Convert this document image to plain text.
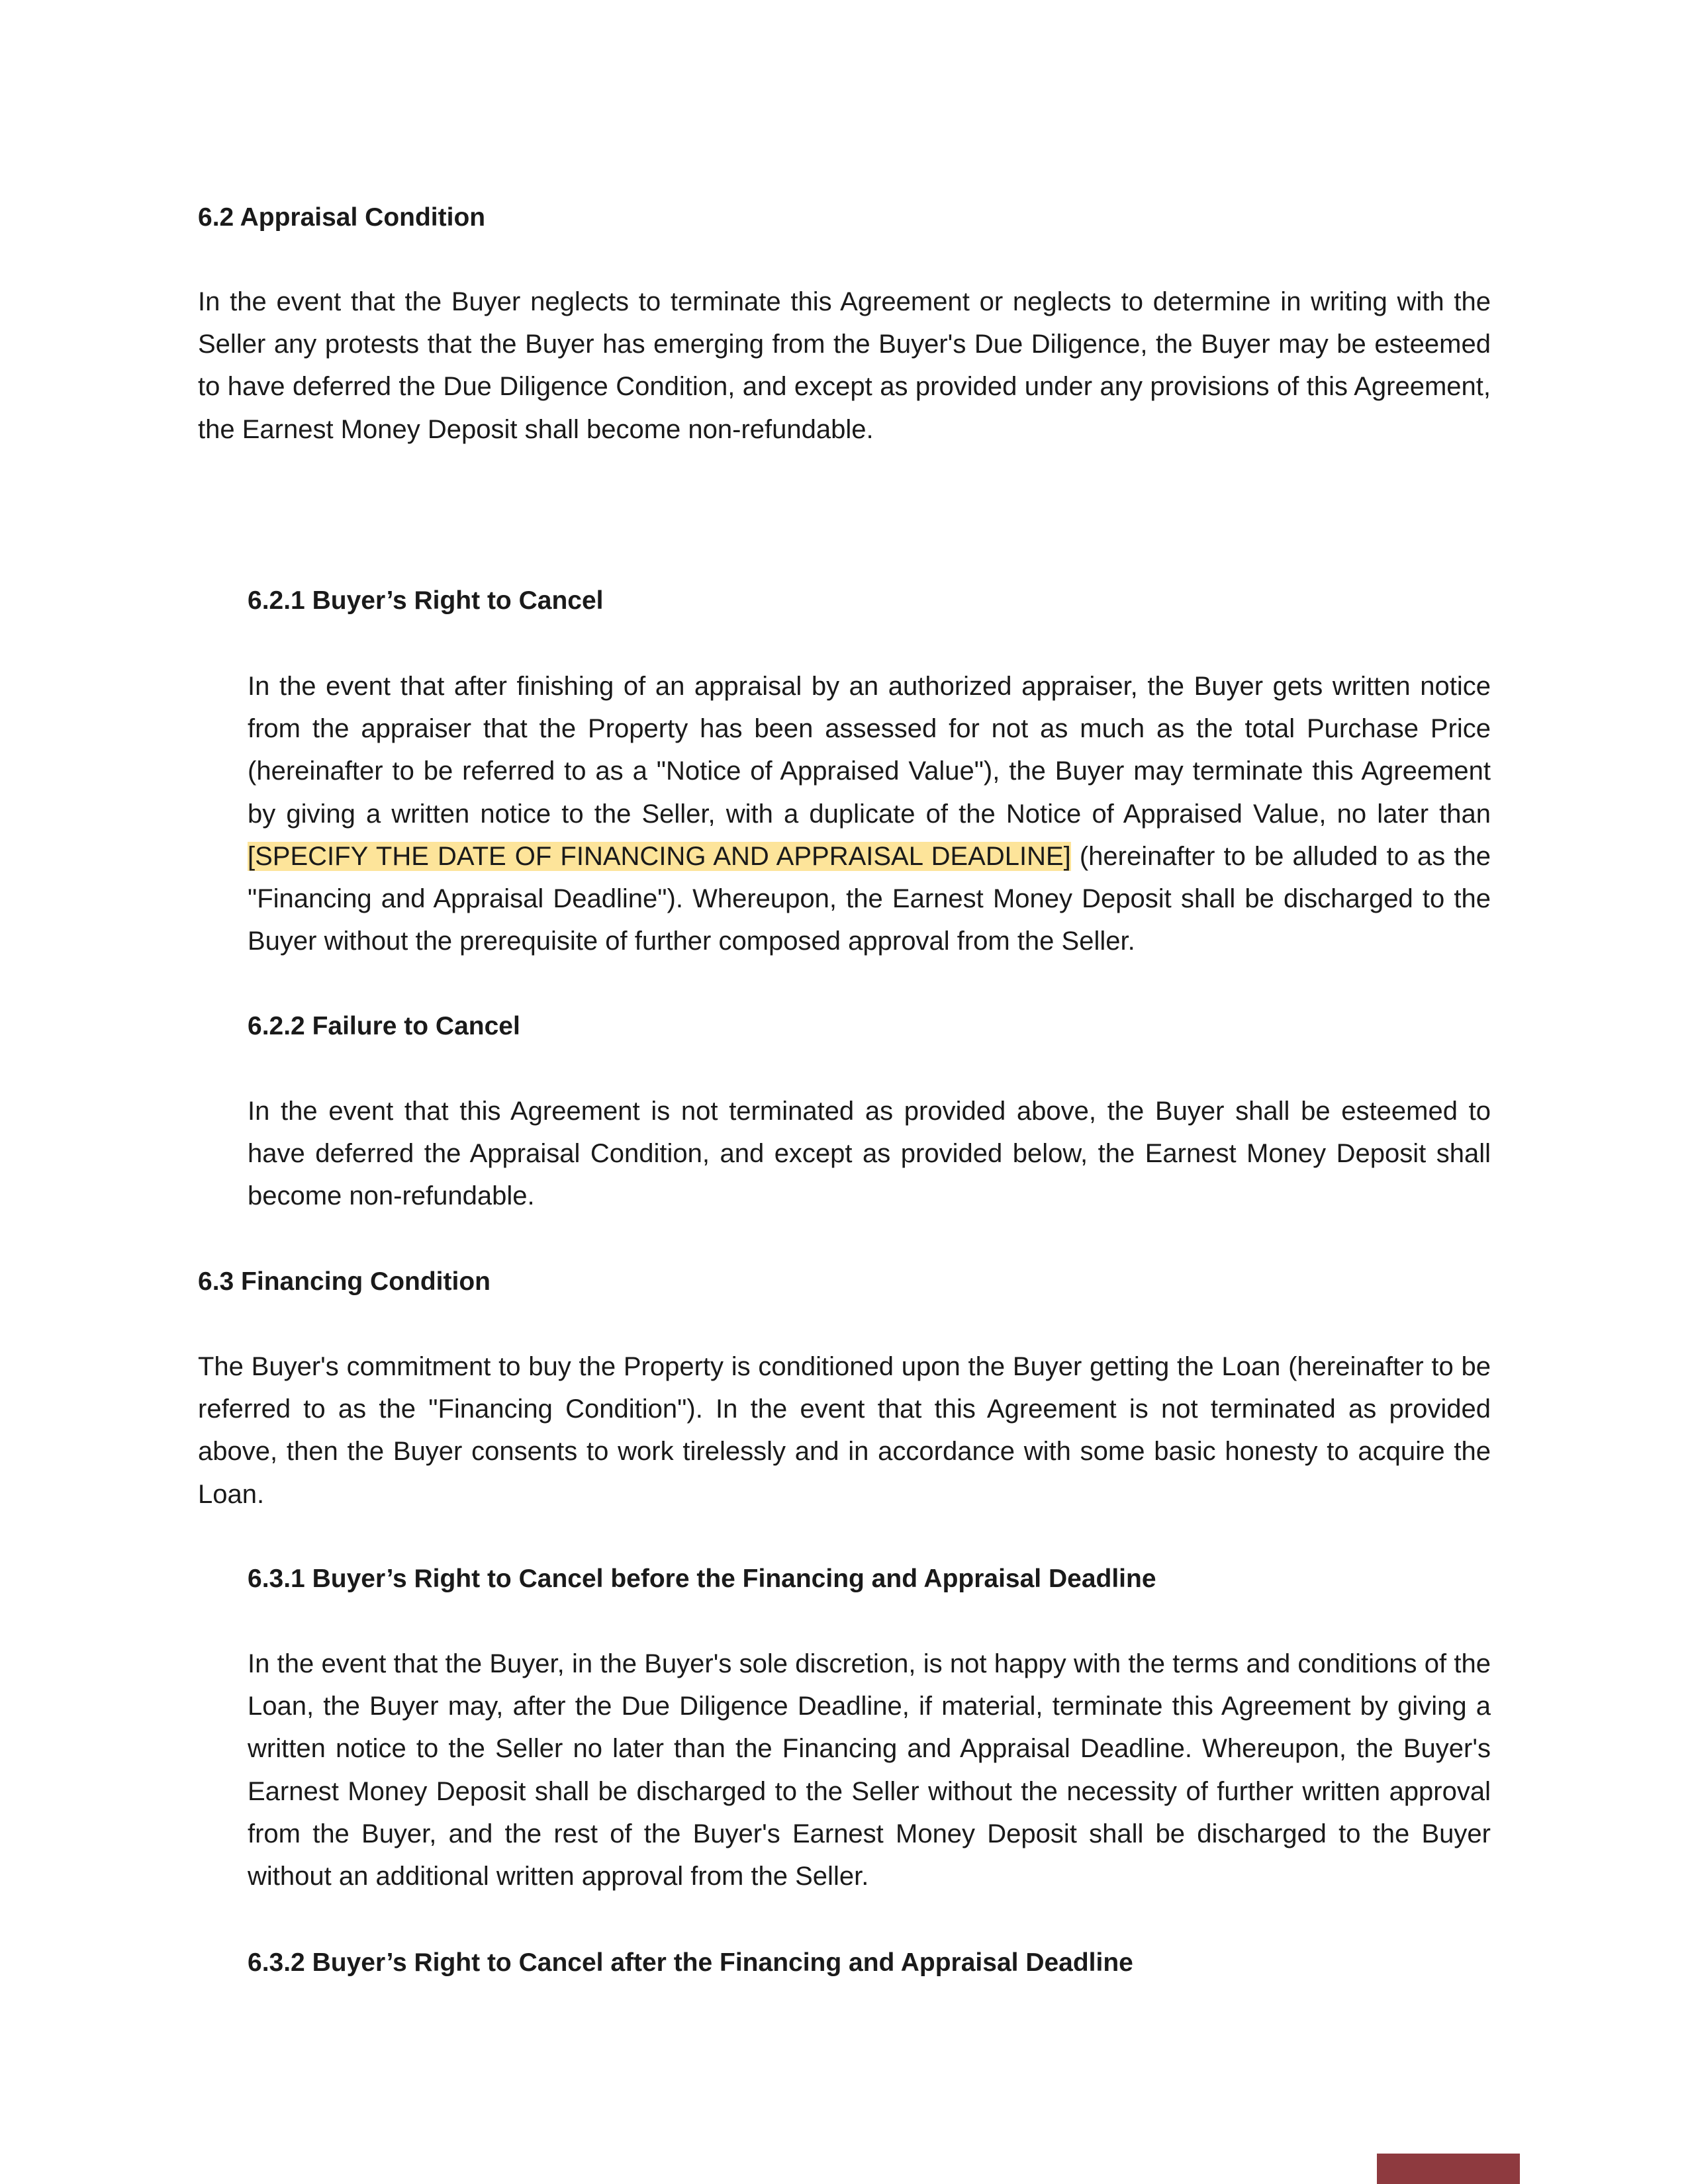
6.2 Appraisal Condition
In the event that the Buyer neglects to terminate this Agreement or neglects to determine in writing with the Seller any protests that the Buyer has emerging from the Buyer's Due Diligence, the Buyer may be esteemed to have deferred the Due Diligence Condition, and except as provided under any provisions of this Agreement, the Earnest Money Deposit shall become non-refundable.
6.2.1 Buyer’s Right to Cancel
In the event that after finishing of an appraisal by an authorized appraiser, the Buyer gets written notice from the appraiser that the Property has been assessed for not as much as the total Purchase Price (hereinafter to be referred to as a "Notice of Appraised Value"), the Buyer may terminate this Agreement by giving a written notice to the Seller, with a duplicate of the Notice of Appraised Value, no later than [SPECIFY THE DATE OF FINANCING AND APPRAISAL DEADLINE] (hereinafter to be alluded to as the "Financing and Appraisal Deadline"). Whereupon, the Earnest Money Deposit shall be discharged to the Buyer without the prerequisite of further composed approval from the Seller.
6.2.2 Failure to Cancel
In the event that this Agreement is not terminated as provided above, the Buyer shall be esteemed to have deferred the Appraisal Condition, and except as provided below, the Earnest Money Deposit shall become non-refundable.
6.3 Financing Condition
The Buyer's commitment to buy the Property is conditioned upon the Buyer getting the Loan (hereinafter to be referred to as the "Financing Condition"). In the event that this Agreement is not terminated as provided above, then the Buyer consents to work tirelessly and in accordance with some basic honesty to acquire the Loan.
6.3.1 Buyer’s Right to Cancel before the Financing and Appraisal Deadline
In the event that the Buyer, in the Buyer's sole discretion, is not happy with the terms and conditions of the Loan, the Buyer may, after the Due Diligence Deadline, if material, terminate this Agreement by giving a written notice to the Seller no later than the Financing and Appraisal Deadline. Whereupon, the Buyer's Earnest Money Deposit shall be discharged to the Seller without the necessity of further written approval from the Buyer, and the rest of the Buyer's Earnest Money Deposit shall be discharged to the Buyer without an additional written approval from the Seller.
6.3.2 Buyer’s Right to Cancel after the Financing and Appraisal Deadline
